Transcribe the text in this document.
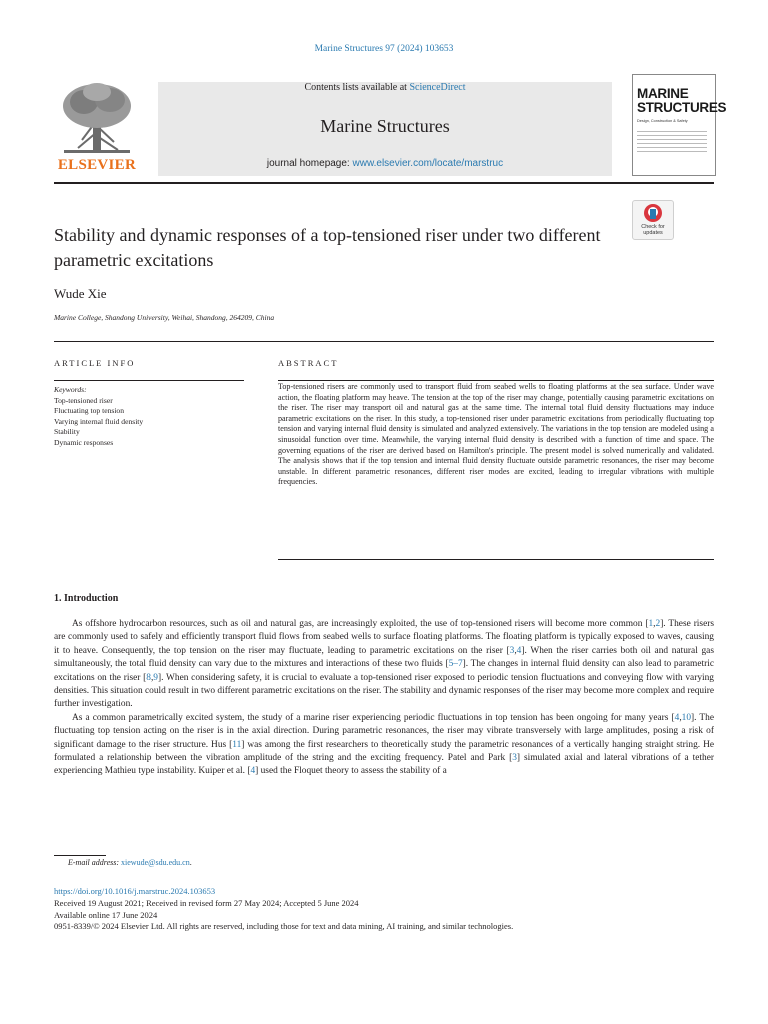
Marine Structures 97 (2024) 103653
ELSEVIER
Contents lists available at ScienceDirect
Marine Structures
journal homepage: www.elsevier.com/locate/marstruc
MARINE STRUCTURES
Design, Construction & Safety
Stability and dynamic responses of a top-tensioned riser under two different parametric excitations
Check for
updates
Wude Xie
Marine College, Shandong University, Weihai, Shandong, 264209, China
ARTICLE INFO	ABSTRACT
Keywords:
Top-tensioned riser
Fluctuating top tension
Varying internal fluid density
Stability
Dynamic responses
Top-tensioned risers are commonly used to transport fluid from seabed wells to floating platforms at the sea surface. Under wave action, the floating platform may heave. The tension at the top of the riser may change, potentially causing parametric excitations on the riser. The riser may transport oil and natural gas at the same time. The internal total fluid density fluctuations may induce parametric excitations on the riser. In this study, a top-tensioned riser under parametric excitations from periodically fluctuating top tension and varying internal fluid density is simulated and analyzed extensively. The variations in the top tension are modeled using a sinusoidal function over time. Meanwhile, the varying internal fluid density is described with a function of time and space. The governing equations of the riser are derived based on Hamilton's principle. The present model is solved numerically and validated. The analysis shows that if the top tension and internal fluid density fluctuate outside parametric resonances, the riser may become unstable. In different parametric resonances, different riser modes are excited, leading to irregular vibrations with multiple frequencies.
1. Introduction

As offshore hydrocarbon resources, such as oil and natural gas, are increasingly exploited, the use of top-tensioned risers will become more common [1,2]. These risers are commonly used to safely and efficiently transport fluid flows from seabed wells to surface floating platforms. The floating platform is typically exposed to waves, causing it to heave. Consequently, the top tension on the riser may fluctuate, leading to parametric excitations on the riser [3,4]. When the riser carries both oil and natural gas simultaneously, the total fluid density can vary due to the mixtures and interactions of these two fluids [5–7]. The changes in internal fluid density can also lead to parametric excitations on the riser [8,9]. When considering safety, it is crucial to evaluate a top-tensioned riser exposed to periodic tension fluctuations and conveying flow with varying densities. This situation could result in two different parametric excitations on the riser. The stability and dynamic responses of the riser may become more complex and require further investigation.

As a common parametrically excited system, the study of a marine riser experiencing periodic fluctuations in top tension has been ongoing for many years [4,10]. The fluctuating top tension acting on the riser is in the axial direction. During parametric resonances, the riser may vibrate transversely with large amplitudes, posing a risk of significant damage to the riser structure. Hus [11] was among the first researchers to theoretically study the parametric resonances of a vertically hanging straight string. He formulated a relationship between the vibration amplitude of the string and the exciting frequency. Patel and Park [3] simulated axial and lateral vibrations of a tether experiencing Mathieu type instability. Kuiper et al. [4] used the Floquet theory to assess the stability of a

E-mail address: xiewude@sdu.edu.cn.
https://doi.org/10.1016/j.marstruc.2024.103653
Received 19 August 2021; Received in revised form 27 May 2024; Accepted 5 June 2024
Available online 17 June 2024
0951-8339/© 2024 Elsevier Ltd. All rights are reserved, including those for text and data mining, AI training, and similar technologies.
